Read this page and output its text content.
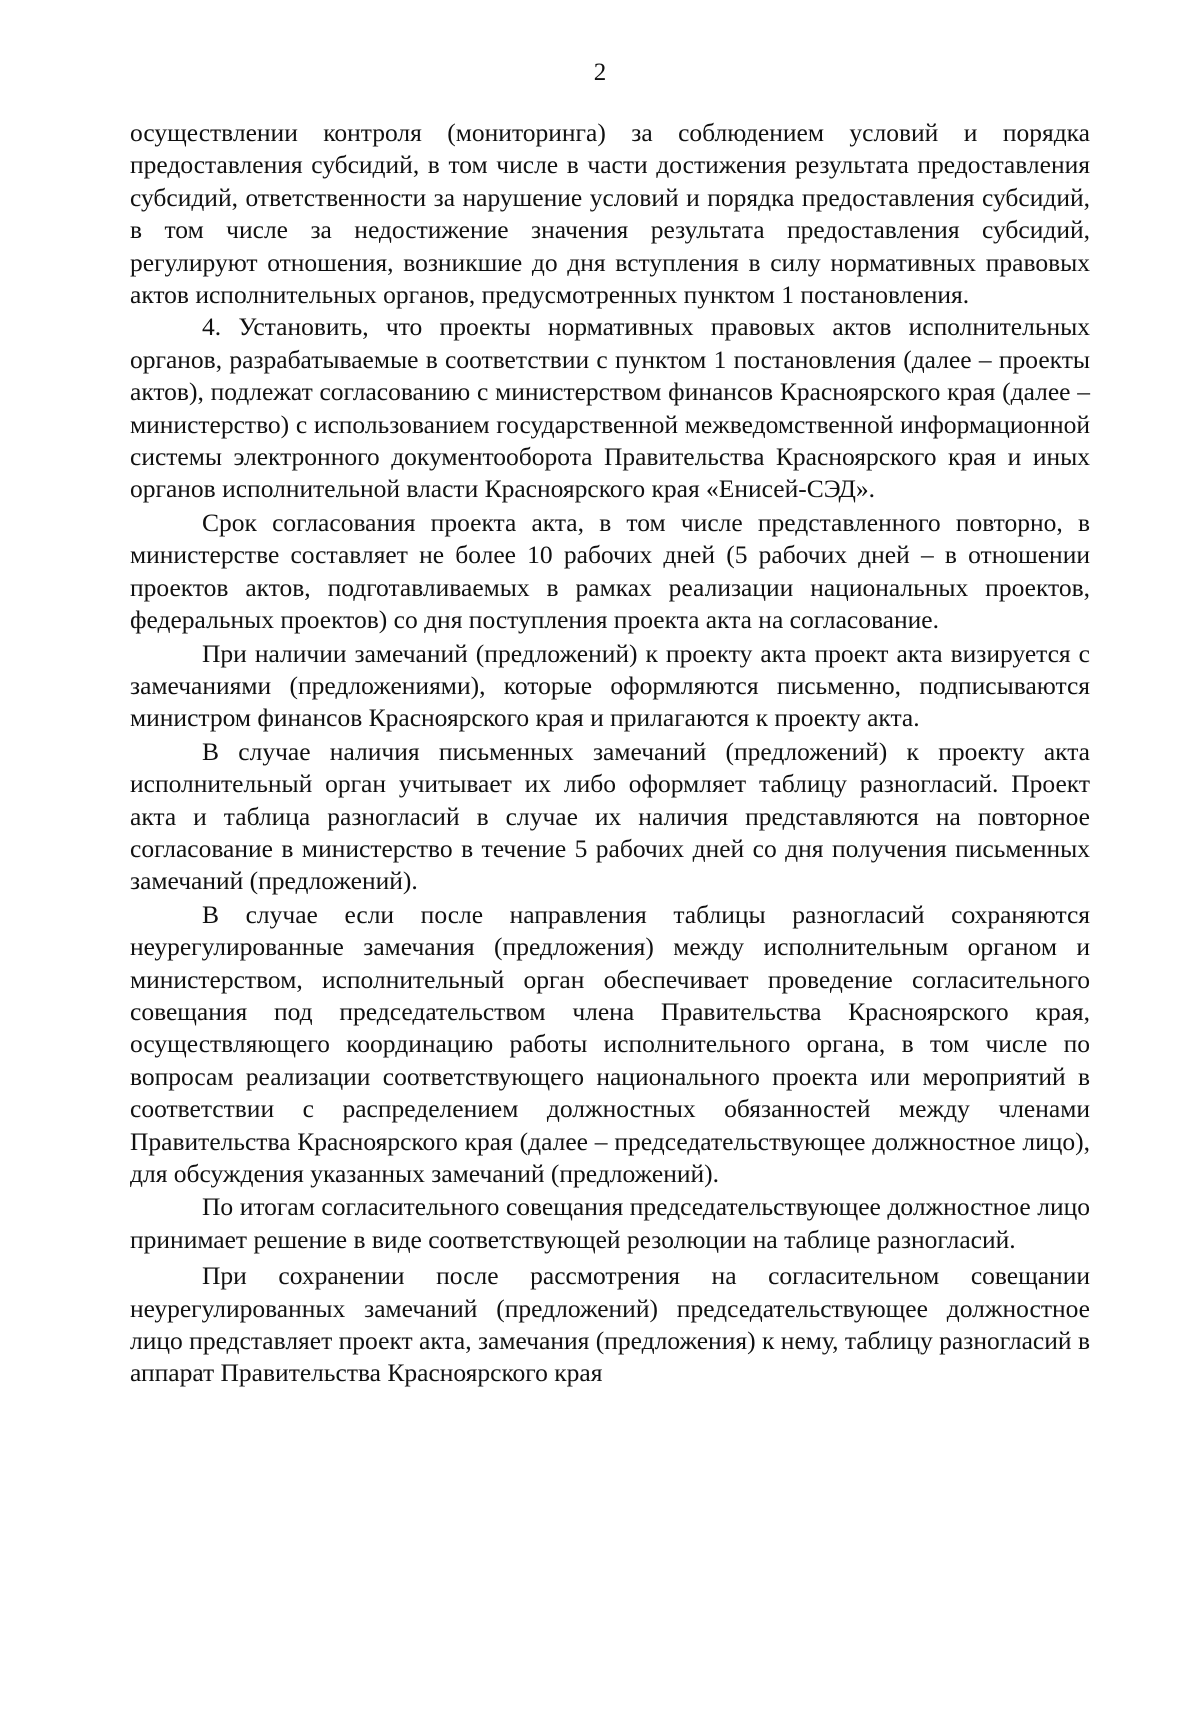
2

осуществлении контроля (мониторинга) за соблюдением условий и порядка предоставления субсидий, в том числе в части достижения результата предоставления субсидий, ответственности за нарушение условий и порядка предоставления субсидий, в том числе за недостижение значения результата предоставления субсидий, регулируют отношения, возникшие до дня вступления в силу нормативных правовых актов исполнительных органов, предусмотренных пунктом 1 постановления.

4. Установить, что проекты нормативных правовых актов исполнительных органов, разрабатываемые в соответствии с пунктом 1 постановления (далее – проекты актов), подлежат согласованию с министерством финансов Красноярского края (далее – министерство) с использованием государственной межведомственной информационной системы электронного документооборота Правительства Красноярского края и иных органов исполнительной власти Красноярского края «Енисей-СЭД».

Срок согласования проекта акта, в том числе представленного повторно, в министерстве составляет не более 10 рабочих дней (5 рабочих дней – в отношении проектов актов, подготавливаемых в рамках реализации национальных проектов, федеральных проектов) со дня поступления проекта акта на согласование.

При наличии замечаний (предложений) к проекту акта проект акта визируется с замечаниями (предложениями), которые оформляются письменно, подписываются министром финансов Красноярского края и прилагаются к проекту акта.

В случае наличия письменных замечаний (предложений) к проекту акта исполнительный орган учитывает их либо оформляет таблицу разногласий. Проект акта и таблица разногласий в случае их наличия представляются на повторное согласование в министерство в течение 5 рабочих дней со дня получения письменных замечаний (предложений).

В случае если после направления таблицы разногласий сохраняются неурегулированные замечания (предложения) между исполнительным органом и министерством, исполнительный орган обеспечивает проведение согласительного совещания под председательством члена Правительства Красноярского края, осуществляющего координацию работы исполнительного органа, в том числе по вопросам реализации соответствующего национального проекта или мероприятий в соответствии с распределением должностных обязанностей между членами Правительства Красноярского края (далее – председательствующее должностное лицо), для обсуждения указанных замечаний (предложений).

По итогам согласительного совещания председательствующее должностное лицо принимает решение в виде соответствующей резолюции на таблице разногласий.

При сохранении после рассмотрения на согласительном совещании неурегулированных замечаний (предложений) председательствующее должностное лицо представляет проект акта, замечания (предложения) к нему, таблицу разногласий в аппарат Правительства Красноярского края
